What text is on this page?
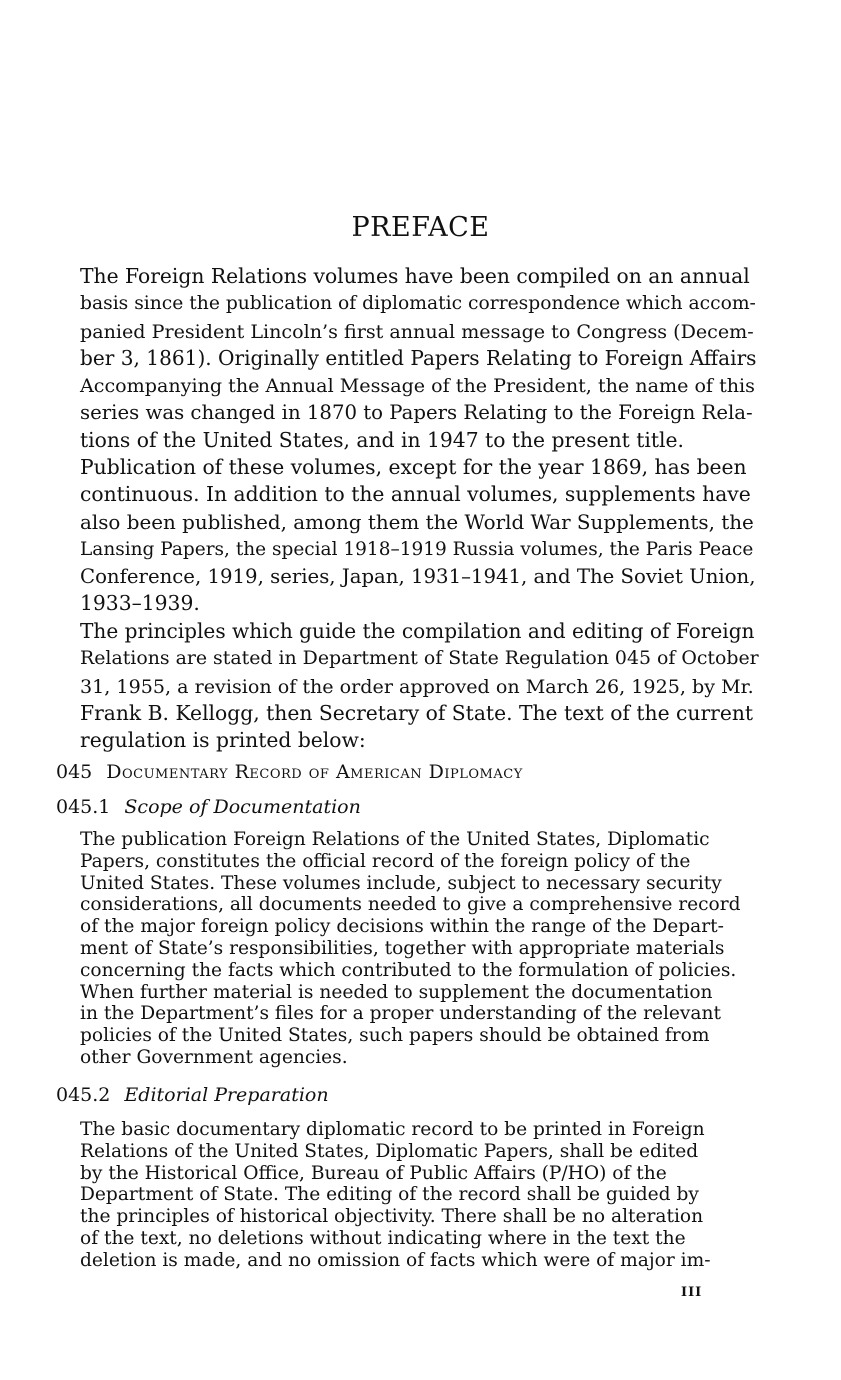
PREFACE

The Foreign Relations volumes have been compiled on an annual
basis since the publication of diplomatic correspondence which accom-
panied President Lincoln’s first annual message to Congress (Decem-
ber 3, 1861). Originally entitled Papers Relating to Foreign Affairs
Accompanying the Annual Message of the President, the name of this
series was changed in 1870 to Papers Relating to the Foreign Rela-
tions of the United States, and in 1947 to the present title.

Publication of these volumes, except for the year 1869, has been
continuous. In addition to the annual volumes, supplements have
also been published, among them the World War Supplements, the
Lansing Papers, the special 1918–1919 Russia volumes, the Paris Peace
Conference, 1919, series, Japan, 1931–1941, and The Soviet Union,
1933–1939.

The principles which guide the compilation and editing of Foreign
Relations are stated in Department of State Regulation 045 of October
31, 1955, a revision of the order approved on March 26, 1925, by Mr.
Frank B. Kellogg, then Secretary of State. The text of the current
regulation is printed below:

045 Documentary Record of American Diplomacy
045.1 Scope of Documentation

The publication Foreign Relations of the United States, Diplomatic
Papers, constitutes the official record of the foreign policy of the
United States. These volumes include, subject to necessary security
considerations, all documents needed to give a comprehensive record
of the major foreign policy decisions within the range of the Depart-
ment of State’s responsibilities, together with appropriate materials
concerning the facts which contributed to the formulation of policies.
When further material is needed to supplement the documentation
in the Department’s files for a proper understanding of the relevant
policies of the United States, such papers should be obtained from
other Government agencies.

045.2 Editorial Preparation

The basic documentary diplomatic record to be printed in Foreign
Relations of the United States, Diplomatic Papers, shall be edited
by the Historical Office, Bureau of Public Affairs (P/HO) of the
Department of State. The editing of the record shall be guided by
the principles of historical objectivity. There shall be no alteration
of the text, no deletions without indicating where in the text the
deletion is made, and no omission of facts which were of major im-

III
